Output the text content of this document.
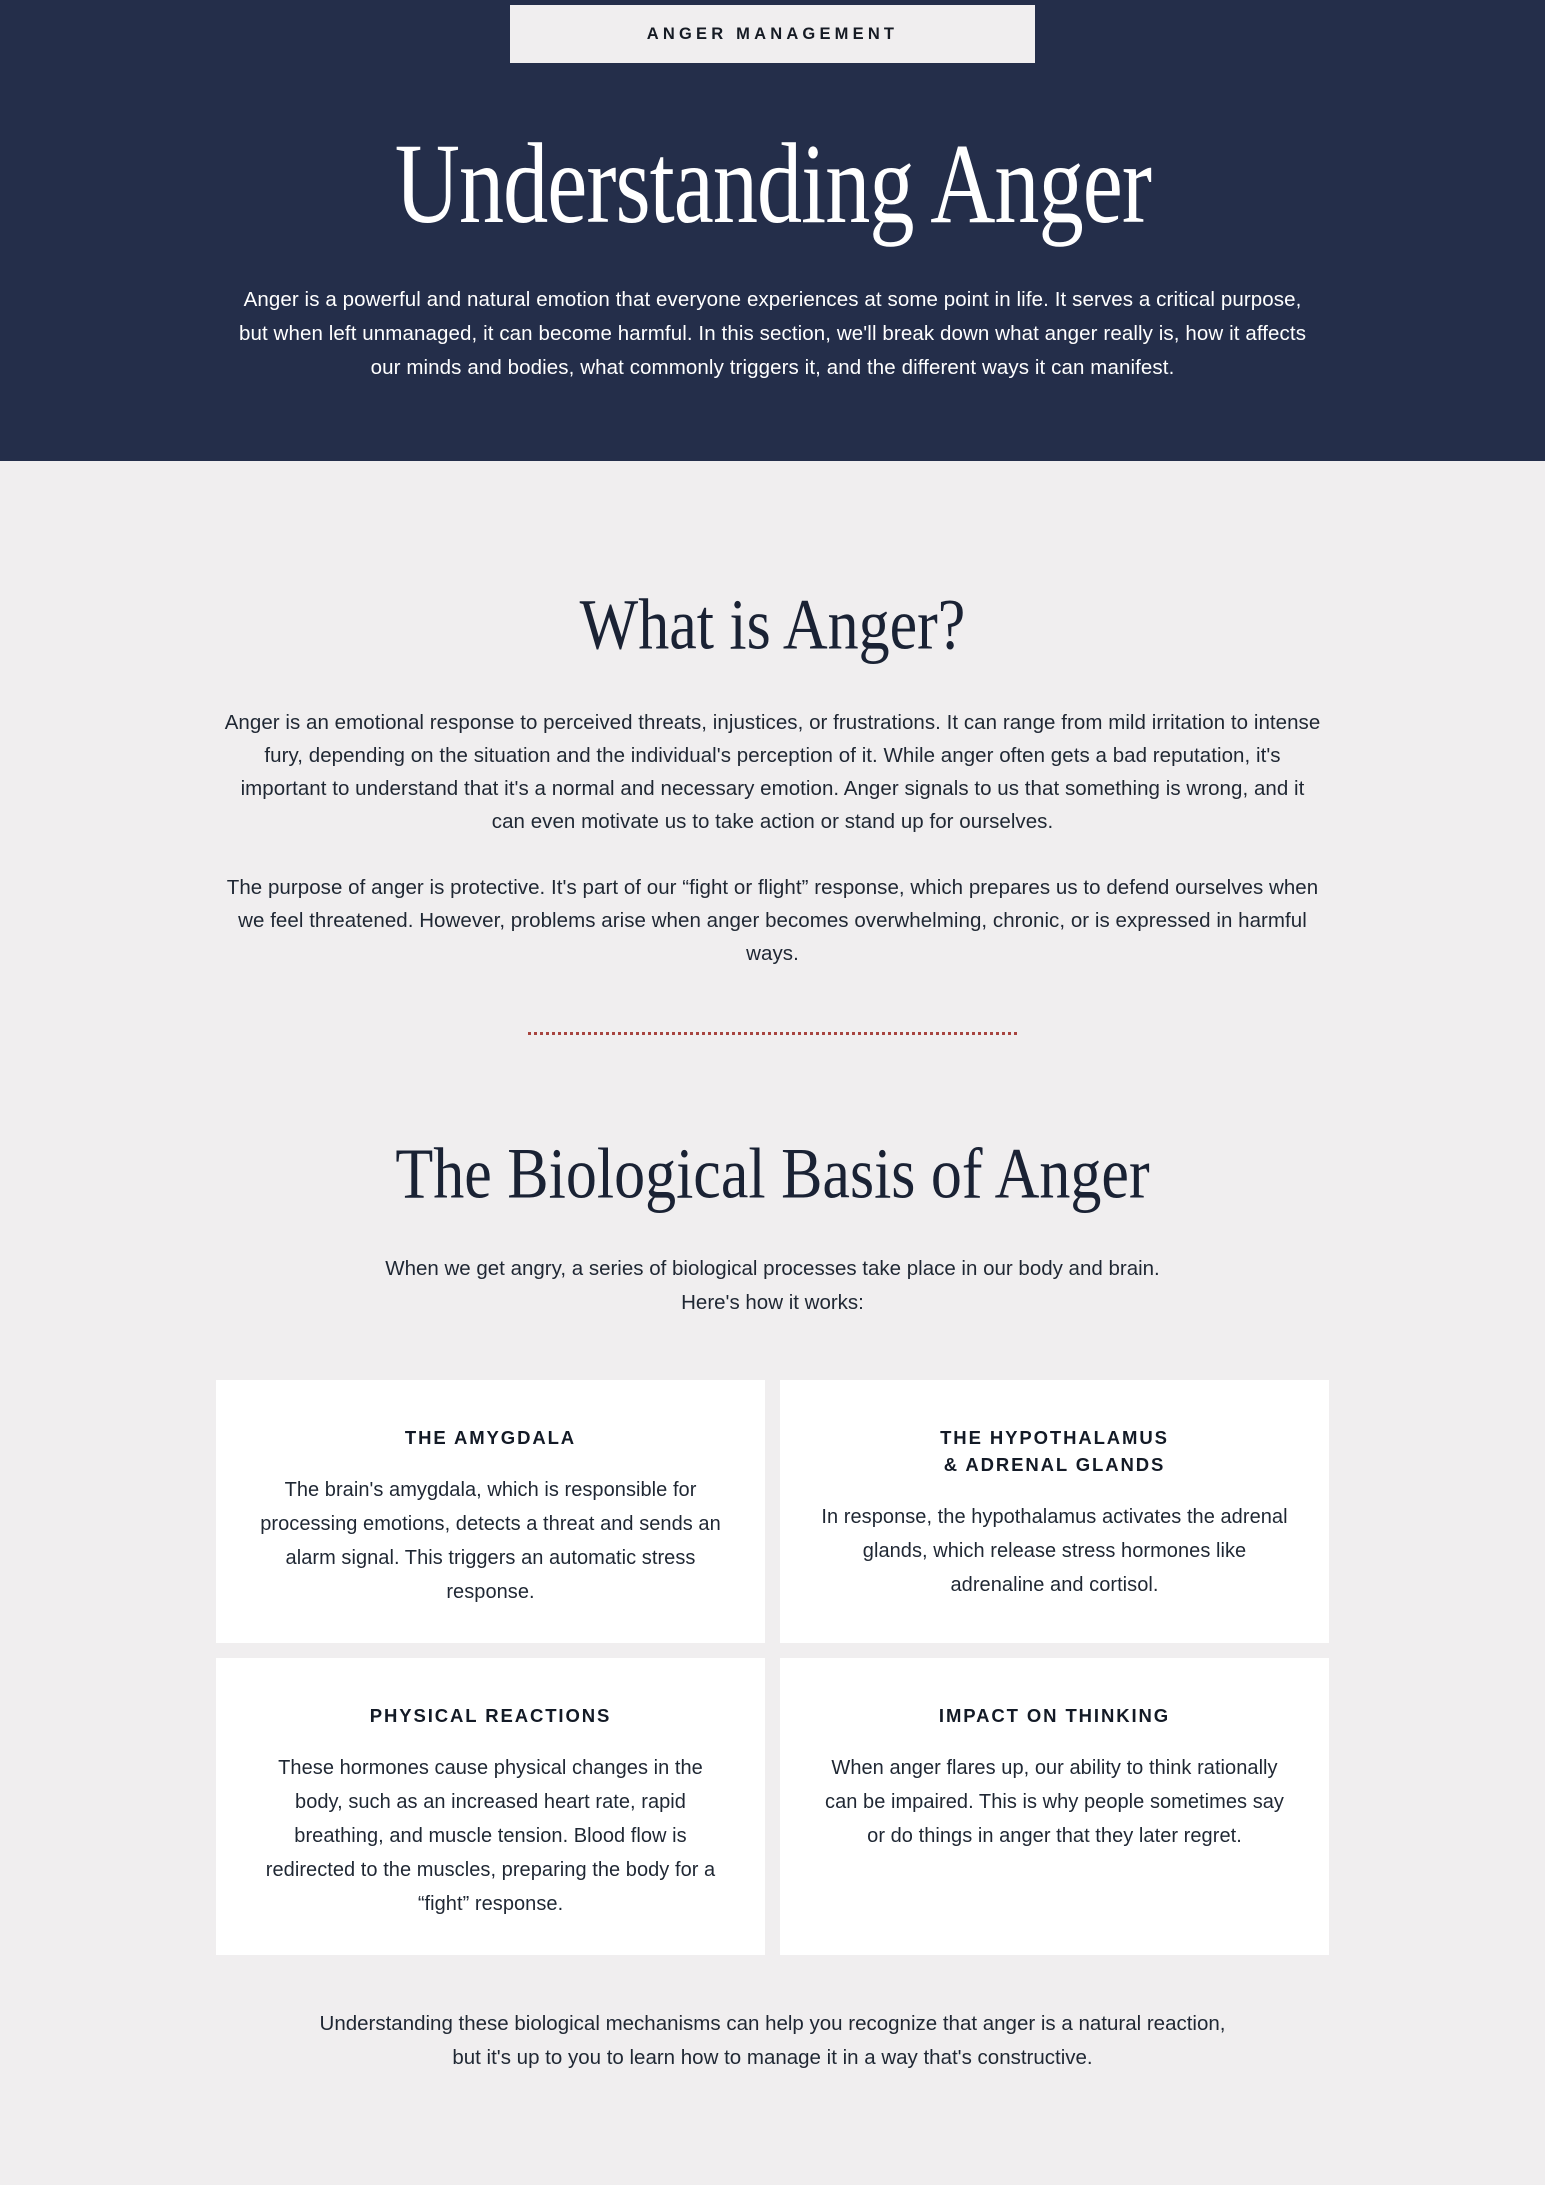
ANGER MANAGEMENT
Understanding Anger

Anger is a powerful and natural emotion that everyone experiences at some point in life. It serves a critical purpose, but when left unmanaged, it can become harmful. In this section, we'll break down what anger really is, how it affects our minds and bodies, what commonly triggers it, and the different ways it can manifest.

What is Anger?

Anger is an emotional response to perceived threats, injustices, or frustrations. It can range from mild irritation to intense fury, depending on the situation and the individual's perception of it. While anger often gets a bad reputation, it's important to understand that it's a normal and necessary emotion. Anger signals to us that something is wrong, and it can even motivate us to take action or stand up for ourselves.

The purpose of anger is protective. It's part of our “fight or flight” response, which prepares us to defend ourselves when we feel threatened. However, problems arise when anger becomes overwhelming, chronic, or is expressed in harmful ways.

The Biological Basis of Anger

When we get angry, a series of biological processes take place in our body and brain.
Here's how it works:

THE AMYGDALA

The brain's amygdala, which is responsible for processing emotions, detects a threat and sends an alarm signal. This triggers an automatic stress response.

THE HYPOTHALAMUS
& ADRENAL GLANDS

In response, the hypothalamus activates the adrenal glands, which release stress hormones like adrenaline and cortisol.

PHYSICAL REACTIONS

These hormones cause physical changes in the body, such as an increased heart rate, rapid breathing, and muscle tension. Blood flow is redirected to the muscles, preparing the body for a “fight” response.

IMPACT ON THINKING

When anger flares up, our ability to think rationally can be impaired. This is why people sometimes say or do things in anger that they later regret.

Understanding these biological mechanisms can help you recognize that anger is a natural reaction,
but it's up to you to learn how to manage it in a way that's constructive.
